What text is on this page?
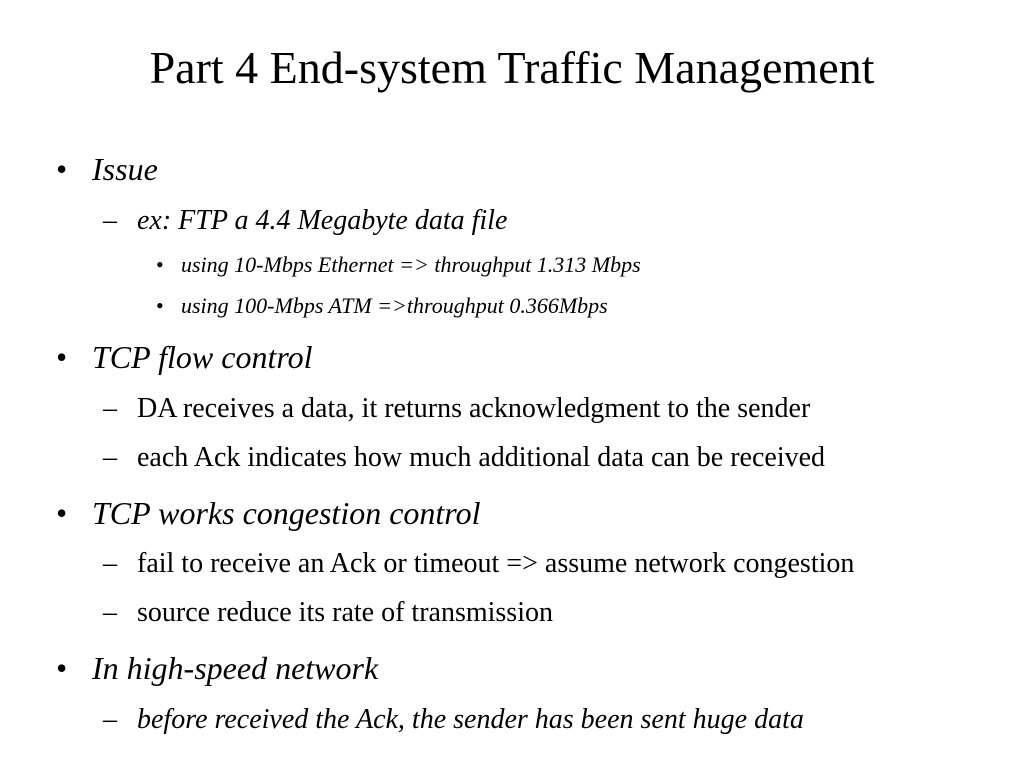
Part 4 End-system Traffic Management
• Issue
– ex: FTP a 4.4 Megabyte data file
• using 10-Mbps Ethernet => throughput 1.313 Mbps
• using 100-Mbps ATM =>throughput 0.366Mbps
• TCP flow control
– DA receives a data, it returns acknowledgment to the sender
– each Ack indicates how much additional data can be received
• TCP works congestion control
– fail to receive an Ack or timeout => assume network congestion
– source reduce its rate of transmission
• In high-speed network
– before received the Ack, the sender has been sent huge data
